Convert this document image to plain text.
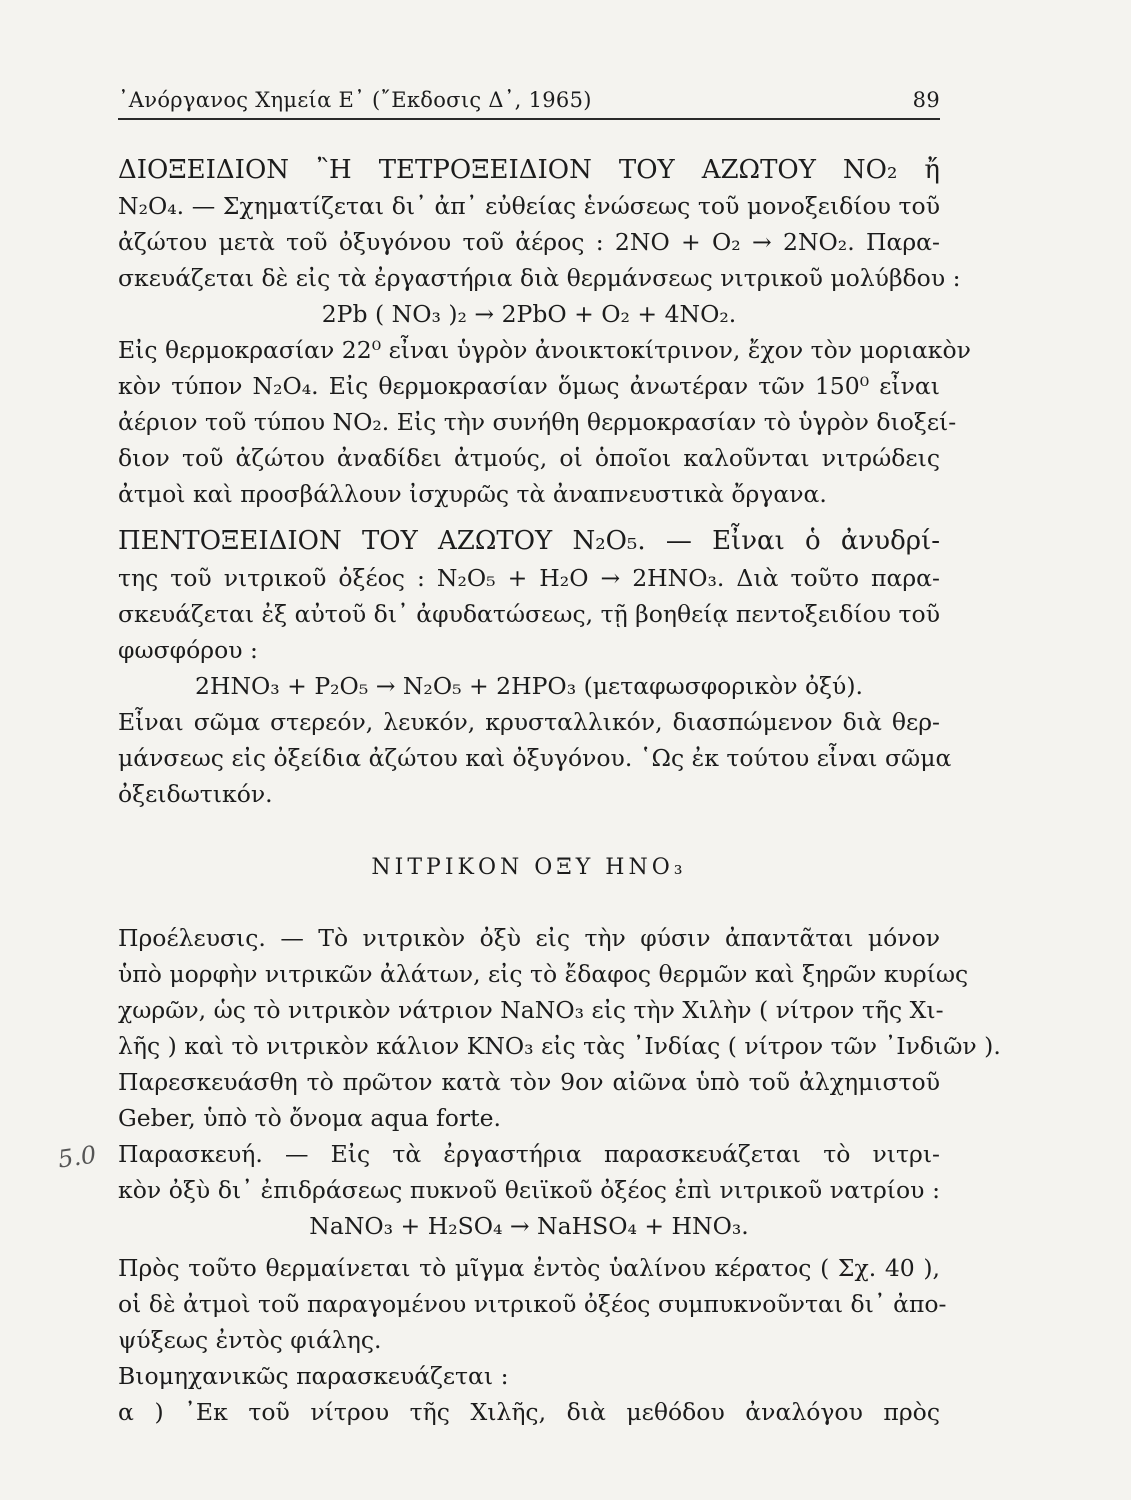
᾽Ανόργανος Χημεία Ε᾽ (῎Εκδοσις Δ᾽, 1965)	89
5.0
ΔΙΟΞΕΙΔΙΟΝ ῍Η ΤΕΤΡΟΞΕΙΔΙΟΝ ΤΟΥ ΑΖΩΤΟΥ NO₂ ἤ
N₂O₄. — Σχηματίζεται δι᾽ ἀπ᾽ εὐθείας ἑνώσεως τοῦ μονοξειδίου τοῦ
ἀζώτου μετὰ τοῦ ὀξυγόνου τοῦ ἀέρος : 2NO + O₂ → 2NO₂. Παρα-
σκευάζεται δὲ εἰς τὰ ἐργαστήρια διὰ θερμάνσεως νιτρικοῦ μολύβδου :
2Pb ( NO₃ )₂ → 2PbO + O₂ + 4NO₂.
Εἰς θερμοκρασίαν 22⁰ εἶναι ὑγρὸν ἀνοικτοκίτρινον, ἔχον τὸν μοριακὸν
κὸν τύπον N₂O₄. Εἰς θερμοκρασίαν ὅμως ἀνωτέραν τῶν 150⁰ εἶναι
ἀέριον τοῦ τύπου NO₂. Εἰς τὴν συνήθη θερμοκρασίαν τὸ ὑγρὸν διοξεί-
διον τοῦ ἀζώτου ἀναδίδει ἀτμούς, οἱ ὁποῖοι καλοῦνται νιτρώδεις
ἀτμοὶ καὶ προσβάλλουν ἰσχυρῶς τὰ ἀναπνευστικὰ ὄργανα.
ΠΕΝΤΟΞΕΙΔΙΟΝ ΤΟΥ ΑΖΩΤΟΥ N₂O₅. — Εἶναι ὁ ἀνυδρί-
της τοῦ νιτρικοῦ ὀξέος : N₂O₅ + H₂O → 2HNO₃. Διὰ τοῦτο παρα-
σκευάζεται ἐξ αὐτοῦ δι᾽ ἀφυδατώσεως, τῇ βοηθείᾳ πεντοξειδίου τοῦ
φωσφόρου :
2HNO₃ + P₂O₅ → N₂O₅ + 2HPO₃ (μεταφωσφορικὸν ὀξύ).
Εἶναι σῶμα στερεόν, λευκόν, κρυσταλλικόν, διασπώμενον διὰ θερ-
μάνσεως εἰς ὀξείδια ἀζώτου καὶ ὀξυγόνου. ῾Ως ἐκ τούτου εἶναι σῶμα
ὀξειδωτικόν.
ΝΙΤΡΙΚΟΝ ΟΞΥ HNO₃
Προέλευσις. — Τὸ νιτρικὸν ὀξὺ εἰς τὴν φύσιν ἀπαντᾶται μόνον
ὑπὸ μορφὴν νιτρικῶν ἀλάτων, εἰς τὸ ἔδαφος θερμῶν καὶ ξηρῶν κυρίως
χωρῶν, ὡς τὸ νιτρικὸν νάτριον NaNO₃ εἰς τὴν Χιλὴν ( νίτρον τῆς Χι-
λῆς ) καὶ τὸ νιτρικὸν κάλιον KNO₃ εἰς τὰς ᾽Ινδίας ( νίτρον τῶν ᾽Ινδιῶν ).
Παρεσκευάσθη τὸ πρῶτον κατὰ τὸν 9ον αἰῶνα ὑπὸ τοῦ ἀλχημιστοῦ
Geber, ὑπὸ τὸ ὄνομα aqua forte.
Παρασκευή. — Εἰς τὰ ἐργαστήρια παρασκευάζεται τὸ νιτρι-
κὸν ὀξὺ δι᾽ ἐπιδράσεως πυκνοῦ θειϊκοῦ ὀξέος ἐπὶ νιτρικοῦ νατρίου :
NaNO₃ + H₂SO₄ → NaHSO₄ + HNO₃.
Πρὸς τοῦτο θερμαίνεται τὸ μῖγμα ἐντὸς ὑαλίνου κέρατος ( Σχ. 40 ),
οἱ δὲ ἀτμοὶ τοῦ παραγομένου νιτρικοῦ ὀξέος συμπυκνοῦνται δι᾽ ἀπο-
ψύξεως ἐντὸς φιάλης.
Βιομηχανικῶς παρασκευάζεται :
α ) ᾽Εκ τοῦ νίτρου τῆς Χιλῆς, διὰ μεθόδου ἀναλόγου πρὸς
